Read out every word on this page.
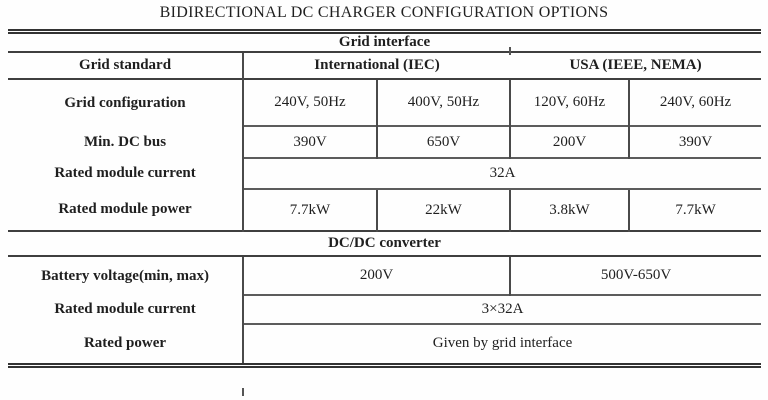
BIDIRECTIONAL DC CHARGER CONFIGURATION OPTIONS
Grid interface				
Grid standard	International (IEC)		USA (IEEE, NEMA)	
Grid configuration	240V, 50Hz	400V, 50Hz	120V, 60Hz	240V, 60Hz
Min. DC bus	390V	650V	200V	390V
Rated module current	32A			
Rated module power	7.7kW	22kW	3.8kW	7.7kW
DC/DC converter				
Battery voltage(min, max)	200V		500V-650V	
Rated module current	3×32A			
Rated power	Given by grid interface			
